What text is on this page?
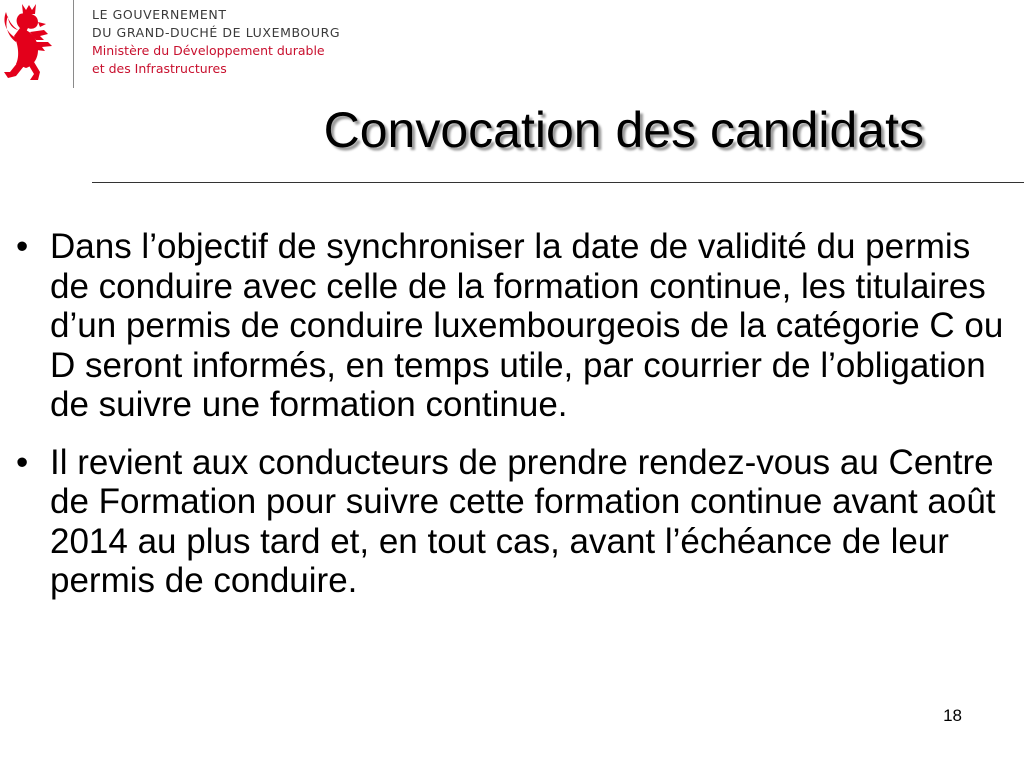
LE GOUVERNEMENT
DU GRAND-DUCHÉ DE LUXEMBOURG
Ministère du Développement durable
et des Infrastructures
Convocation des candidats
• Dans l’objectif de synchroniser la date de validité du permis de conduire avec celle de la formation continue, les titulaires d’un permis de conduire luxembourgeois de la catégorie C ou D seront informés, en temps utile, par courrier de l’obligation de suivre une formation continue.
• Il revient aux conducteurs de prendre rendez-vous au Centre de Formation pour suivre cette formation continue avant août 2014 au plus tard et, en tout cas, avant l’échéance de leur permis de conduire.
18
